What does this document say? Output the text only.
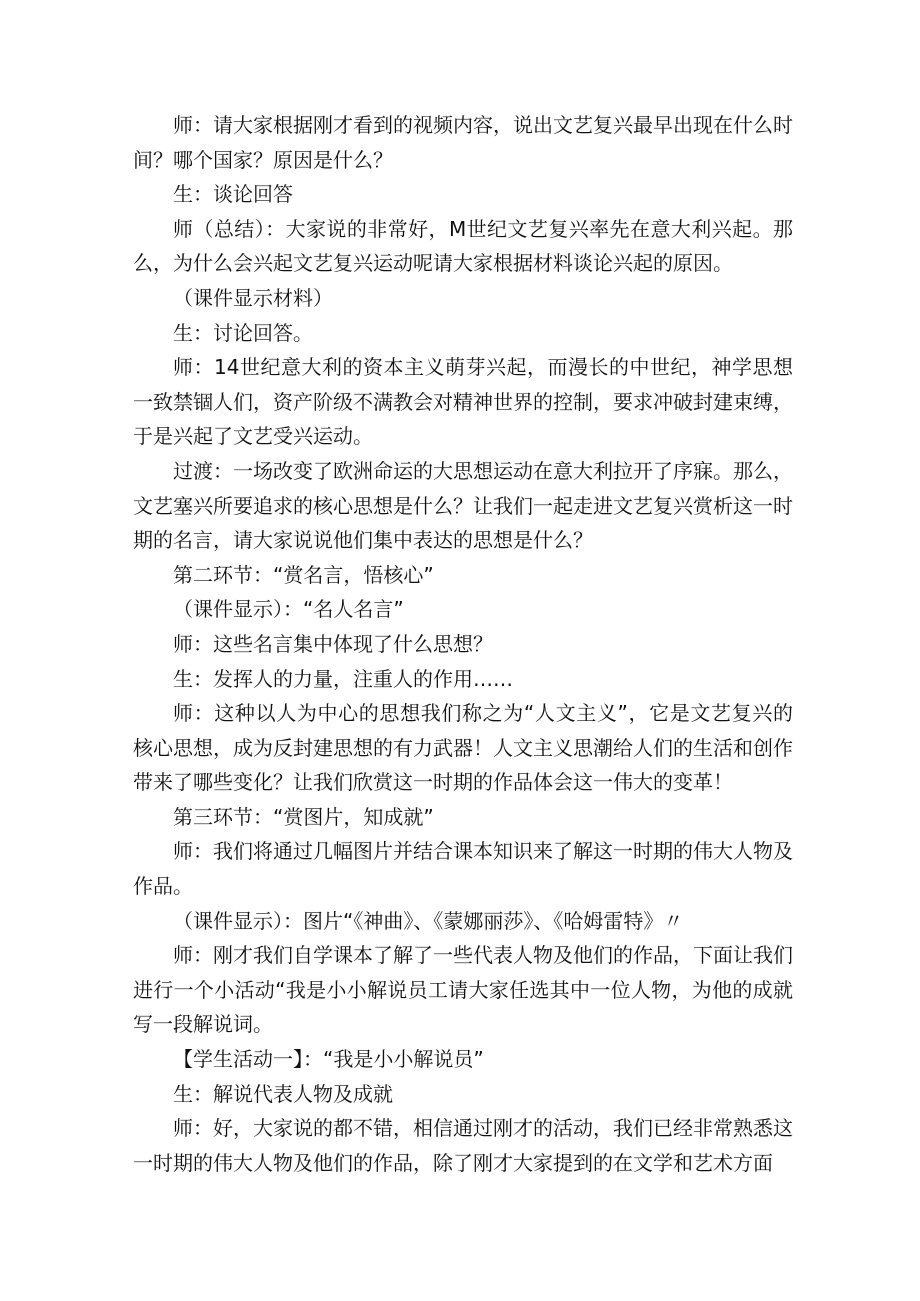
师：请大家根据刚才看到的视频内容，说出文艺复兴最早出现在什么时间？哪个国家？原因是什么？

生：谈论回答

师（总结）：大家说的非常好，M世纪文艺复兴率先在意大利兴起。那么，为什么会兴起文艺复兴运动呢请大家根据材料谈论兴起的原因。

（课件显示材料）

生：讨论回答。

师：14世纪意大利的资本主义萌芽兴起，而漫长的中世纪，神学思想一致禁锢人们，资产阶级不满教会对精神世界的控制，要求冲破封建束缚，于是兴起了文艺受兴运动。

过渡：一场改变了欧洲命运的大思想运动在意大利拉开了序寐。那么，文艺塞兴所要追求的核心思想是什么？让我们一起走进文艺复兴赏析这一时期的名言，请大家说说他们集中表达的思想是什么？

第二环节：“赏名言，悟核心”

（课件显示）：“名人名言”

师：这些名言集中体现了什么思想？

生：发挥人的力量，注重人的作用……

师：这种以人为中心的思想我们称之为“人文主义”，它是文艺复兴的核心思想，成为反封建思想的有力武器！人文主义思潮给人们的生活和创作带来了哪些变化？让我们欣赏这一时期的作品体会这一伟大的变革！

第三环节：“赏图片，知成就”

师：我们将通过几幅图片并结合课本知识来了解这一时期的伟大人物及作品。

（课件显示）：图片“《神曲》、《蒙娜丽莎》、《哈姆雷特》〃

师：刚才我们自学课本了解了一些代表人物及他们的作品，下面让我们进行一个小活动“我是小小解说员工请大家任选其中一位人物，为他的成就写一段解说词。

【学生活动一】：“我是小小解说员”

生：解说代表人物及成就

师：好，大家说的都不错，相信通过刚才的活动，我们已经非常熟悉这一时期的伟大人物及他们的作品，除了刚才大家提到的在文学和艺术方面
